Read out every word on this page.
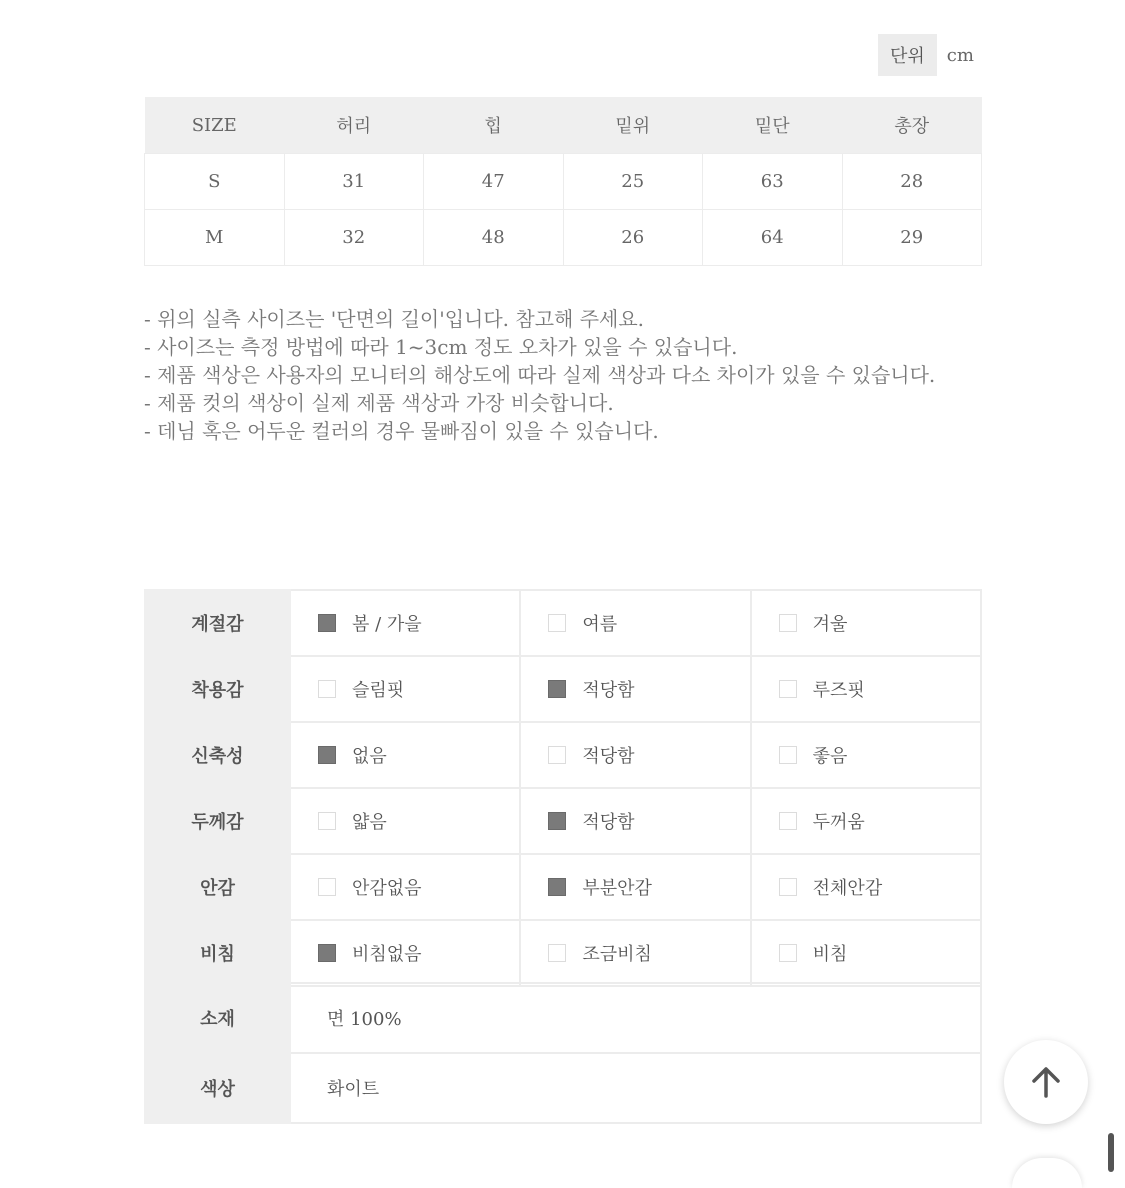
단위	cm
SIZE	허리	힙	밑위	밑단	총장
S	31	47	25	63	28
M	32	48	26	64	29
- 위의 실측 사이즈는 '단면의 길이'입니다. 참고해 주세요.
- 사이즈는 측정 방법에 따라 1~3cm 정도 오차가 있을 수 있습니다.
- 제품 색상은 사용자의 모니터의 해상도에 따라 실제 색상과 다소 차이가 있을 수 있습니다.
- 제품 컷의 색상이 실제 제품 색상과 가장 비슷합니다.
- 데님 혹은 어두운 컬러의 경우 물빠짐이 있을 수 있습니다.
계절감	봄 / 가을	여름	겨울

착용감	슬림핏	적당함	루즈핏

신축성	없음	적당함	좋음

두께감	얇음	적당함	두꺼움

안감	안감없음	부분안감	전체안감

비침	비침없음	조금비침	비침
소재	면 100%
색상	화이트
